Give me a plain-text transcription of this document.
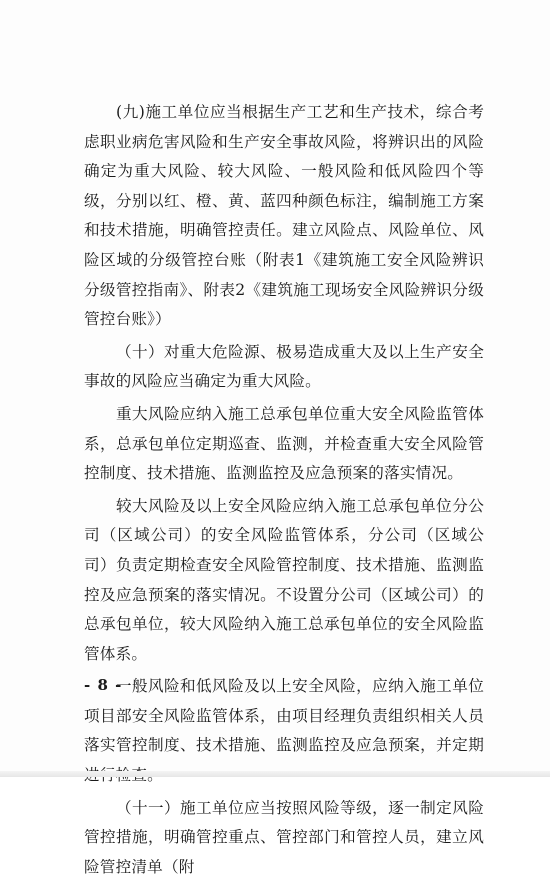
(九)施工单位应当根据生产工艺和生产技术，综合考虑职业病危害风险和生产安全事故风险，将辨识出的风险确定为重大风险、较大风险、一般风险和低风险四个等级，分别以红、橙、黄、蓝四种颜色标注，编制施工方案和技术措施，明确管控责任。建立风险点、风险单位、风险区域的分级管控台账（附表1《建筑施工安全风险辨识分级管控指南》、附表2《建筑施工现场安全风险辨识分级管控台账》）

（十）对重大危险源、极易造成重大及以上生产安全事故的风险应当确定为重大风险。

重大风险应纳入施工总承包单位重大安全风险监管体系，总承包单位定期巡查、监测，并检查重大安全风险管控制度、技术措施、监测监控及应急预案的落实情况。

较大风险及以上安全风险应纳入施工总承包单位分公司（区域公司）的安全风险监管体系，分公司（区域公司）负责定期检查安全风险管控制度、技术措施、监测监控及应急预案的落实情况。不设置分公司（区域公司）的总承包单位，较大风险纳入施工总承包单位的安全风险监管体系。

一般风险和低风险及以上安全风险，应纳入施工单位项目部安全风险监管体系，由项目经理负责组织相关人员落实管控制度、技术措施、监测监控及应急预案，并定期

（十一）施工单位应当按照风险等级，逐一制定风险管控措施，明确管控重点、管控部门和管控人员，建立风险管控清单（附

- 8 -
